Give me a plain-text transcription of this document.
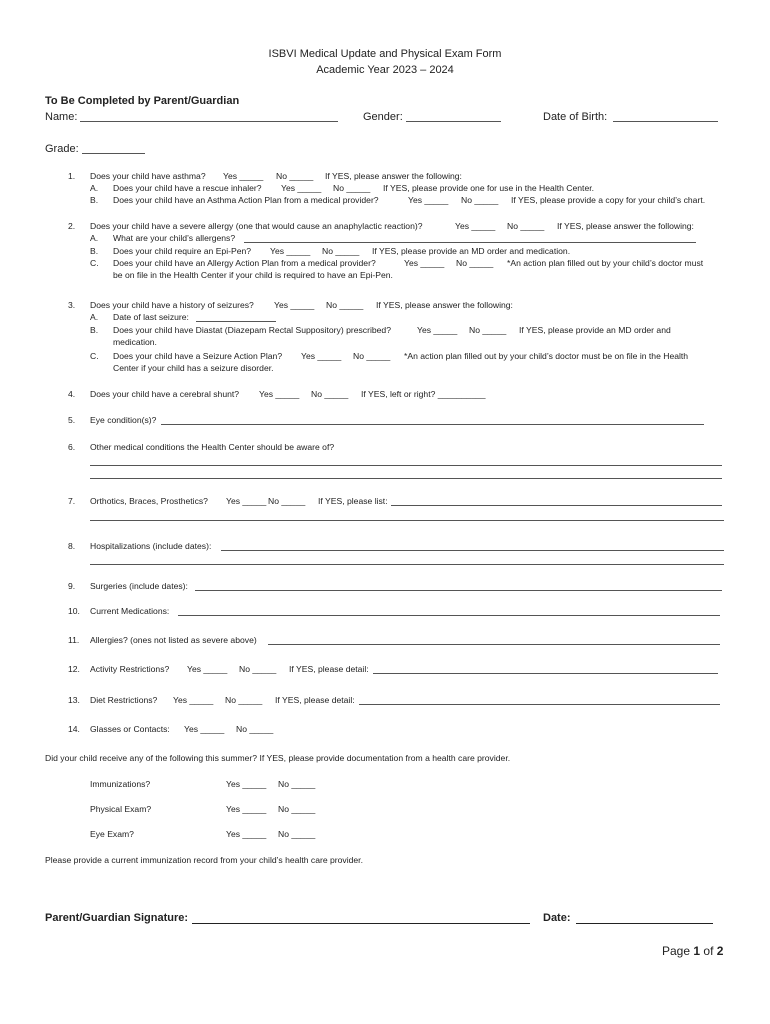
ISBVI Medical Update and Physical Exam Form
Academic Year 2023 – 2024
To Be Completed by Parent/Guardian
Name:	Gender:	Date of Birth:
Grade:
1. Does your child have asthma? Yes _____ No _____ If YES, please answer the following:
A. Does your child have a rescue inhaler? Yes _____ No _____ If YES, please provide one for use in the Health Center.
B. Does your child have an Asthma Action Plan from a medical provider?	Yes _____ No _____ If YES, please provide a copy for your child’s chart.
2. Does your child have a severe allergy (one that would cause an anaphylactic reaction)?	Yes _____ No _____ If YES, please answer the following:
A. What are your child’s allergens?
B. Does your child require an Epi-Pen? Yes _____ No _____ If YES, please provide an MD order and medication.
C. Does your child have an Allergy Action Plan from a medical provider?	Yes _____ No _____ *An action plan filled out by your child’s doctor must
be on file in the Health Center if your child is required to have an Epi-Pen.
3. Does your child have a history of seizures? Yes _____ No _____ If YES, please answer the following:
A. Date of last seizure:
B. Does your child have Diastat (Diazepam Rectal Suppository) prescribed?	Yes _____ No _____ If YES, please provide an MD order and
medication.
C. Does your child have a Seizure Action Plan? Yes _____ No _____ *An action plan filled out by your child’s doctor must be on file in the Health
Center if your child has a seizure disorder.
4. Does your child have a cerebral shunt? Yes _____ No _____ If YES, left or right? __________
5. Eye condition(s)?
6. Other medical conditions the Health Center should be aware of?
7. Orthotics, Braces, Prosthetics? Yes _____ No _____ If YES, please list:
8. Hospitalizations (include dates):
9. Surgeries (include dates):
10. Current Medications:
11. Allergies? (ones not listed as severe above)
12. Activity Restrictions? Yes _____ No _____ If YES, please detail:
13. Diet Restrictions? Yes _____ No _____ If YES, please detail:
14. Glasses or Contacts: Yes _____ No _____
Did your child receive any of the following this summer? If YES, please provide documentation from a health care provider.
Immunizations?	Yes _____ No _____
Physical Exam?	Yes _____ No _____
Eye Exam?	Yes _____ No _____
Please provide a current immunization record from your child’s health care provider.
Parent/Guardian Signature:	Date:
Page 1 of 2
